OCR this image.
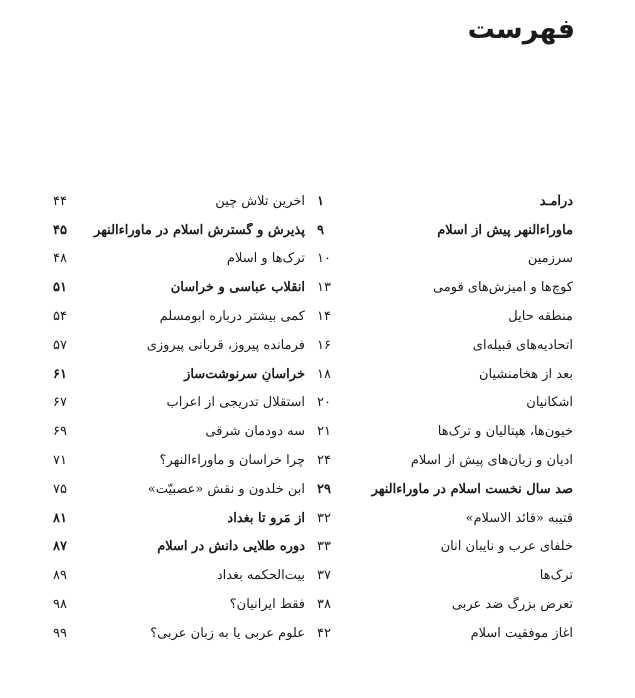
فهرست
درآمـد
۱
ماوراءالنهر پیش از اسلام
۹
سرزمین
۱۰
کوچ‌ها و آمیزش‌های قومی
۱۳
منطقه حایل
۱۴
اتحادیه‌های قبیله‌ای
۱۶
بعد از هخامنشیان
۱۸
اشکانیان
۲۰
خیون‌ها، هپتالیان و ترک‌ها
۲۱
ادیان و زبان‌های پیش از اسلام
۲۴
صد سال نخست اسلام در ماوراءالنهر
۲۹
قتیبه «قائد الاسلام»
۳۲
خلفای عرب و نایبان آنان
۳۳
ترک‌ها
۳۷
تعرض بزرگ ضد عربی
۳۸
آغاز موفقیت اسلام
۴۲
آخرین تلاش چین
۴۴
پذیرش و گسترش اسلام در ماوراءالنهر
۴۵
ترک‌ها و اسلام
۴۸
انقلاب عباسی و خراسان
۵۱
کمی بیشتر درباره ابومسلم
۵۴
فرمانده پیروز، قربانی پیروزی
۵۷
خراسانِ سرنوشت‌ساز
۶۱
استقلال تدریجی از اعراب
۶۷
سه دودمان شرقی
۶۹
چرا خراسان و ماوراءالنهر؟
۷۱
ابن خلدون و نقش «عصبیّت»
۷۵
از مَرو تا بغداد
۸۱
دوره طلایی دانش در اسلام
۸۷
بیت‌الحکمه بغداد
۸۹
فقط ایرانیان؟
۹۸
علوم عربی یا به زبان عربی؟
۹۹
